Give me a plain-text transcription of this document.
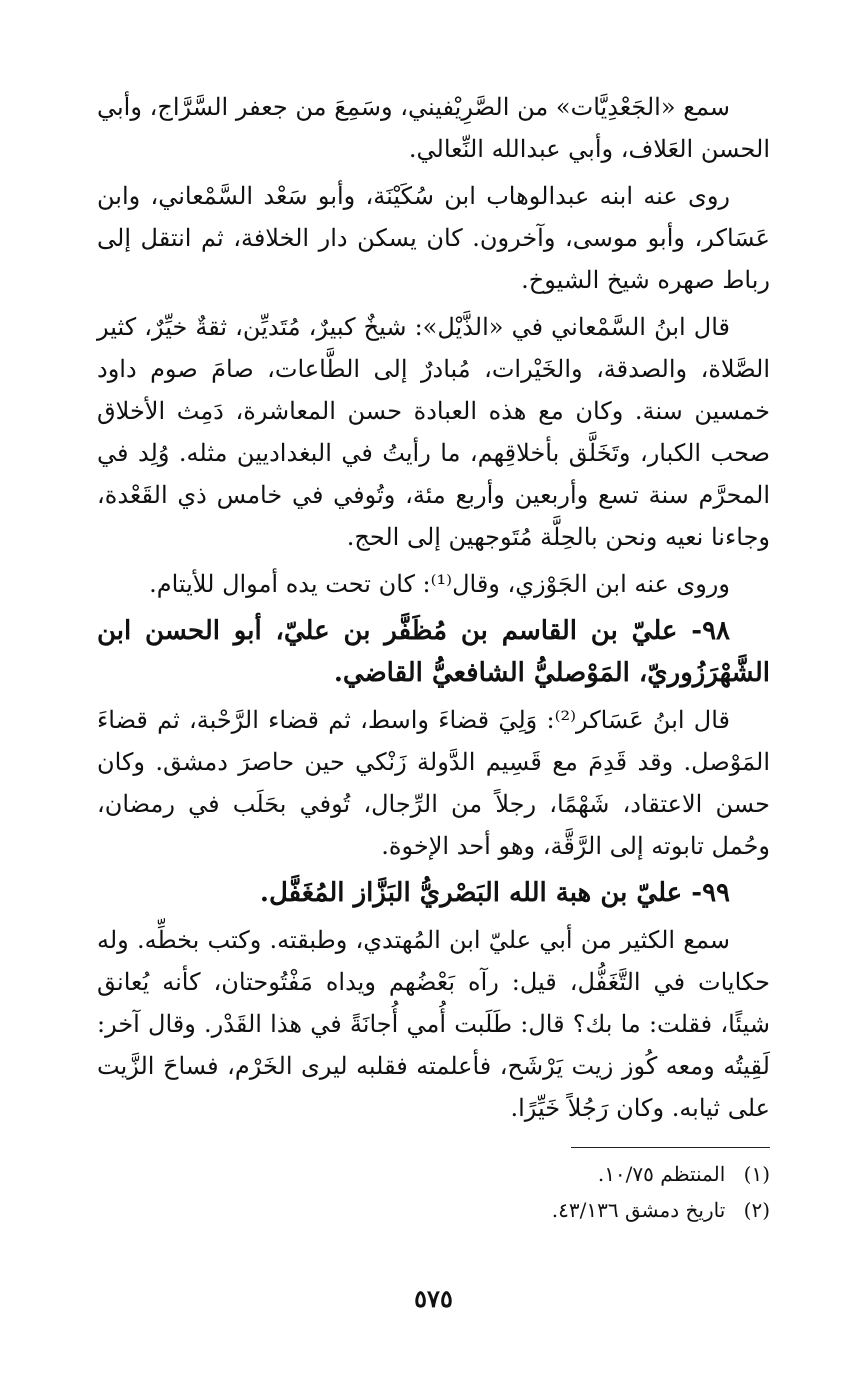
سمع «الجَعْدِيَّات» من الصَّرِيْفيني، وسَمِعَ من جعفر السَّرَّاج، وأبي الحسن العَلاف، وأبي عبدالله النِّعالي.

روى عنه ابنه عبدالوهاب ابن سُكَيْنَة، وأبو سَعْد السَّمْعاني، وابن عَسَاكر، وأبو موسى، وآخرون. كان يسكن دار الخلافة، ثم انتقل إلى رباط صهره شيخ الشيوخ.

قال ابنُ السَّمْعاني في «الذَّيْل»: شيخٌ كبيرٌ، مُتَديِّن، ثقةٌ خيِّرٌ، كثير الصَّلاة، والصدقة، والخَيْرات، مُبادرٌ إلى الطَّاعات، صامَ صوم داود خمسين سنة. وكان مع هذه العبادة حسن المعاشرة، دَمِث الأخلاق صحب الكبار، وتَخَلَّق بأخلاقِهم، ما رأيتُ في البغداديين مثله. وُلِد في المحرَّم سنة تسع وأربعين وأربع مئة، وتُوفي في خامس ذي القَعْدة، وجاءنا نعيه ونحن بالحِلَّة مُتَوجهين إلى الحج.

وروى عنه ابن الجَوْزي، وقال⁽¹⁾: كان تحت يده أموال للأيتام.

٩٨- عليّ بن القاسم بن مُظَفَّر بن عليّ، أبو الحسن ابن الشَّهْرَزُوريّ، المَوْصليُّ الشافعيُّ القاضي.

قال ابنُ عَسَاكر⁽²⁾: وَلِيَ قضاءَ واسط، ثم قضاء الرَّحْبة، ثم قضاءَ المَوْصل. وقد قَدِمَ مع قَسِيم الدَّولة زَنْكي حين حاصرَ دمشق. وكان حسن الاعتقاد، شَهْمًا، رجلاً من الرِّجال، تُوفي بحَلَب في رمضان، وحُمل تابوته إلى الرَّقَّة، وهو أحد الإخوة.

٩٩- عليّ بن هبة الله البَصْريُّ البَزَّاز المُغَفَّل.

سمع الكثير من أبي عليّ ابن المُهتدي، وطبقته. وكتب بخطِّه. وله حكايات في التَّغَفُّل، قيل: رآه بَعْضُهم ويداه مَفْتُوحتان، كأنه يُعانق شيئًا، فقلت: ما بك؟ قال: طَلَبت أُمي أُجانَةً في هذا القَدْر. وقال آخر: لَقِيتُه ومعه كُوز زيت يَرْشَح، فأعلمته فقلبه ليرى الخَرْم، فساحَ الزَّيت على ثيابه. وكان رَجُلاً خَيِّرًا.

(١) المنتظم ١٠/٧٥.

(٢) تاريخ دمشق ٤٣/١٣٦.

٥٧٥
